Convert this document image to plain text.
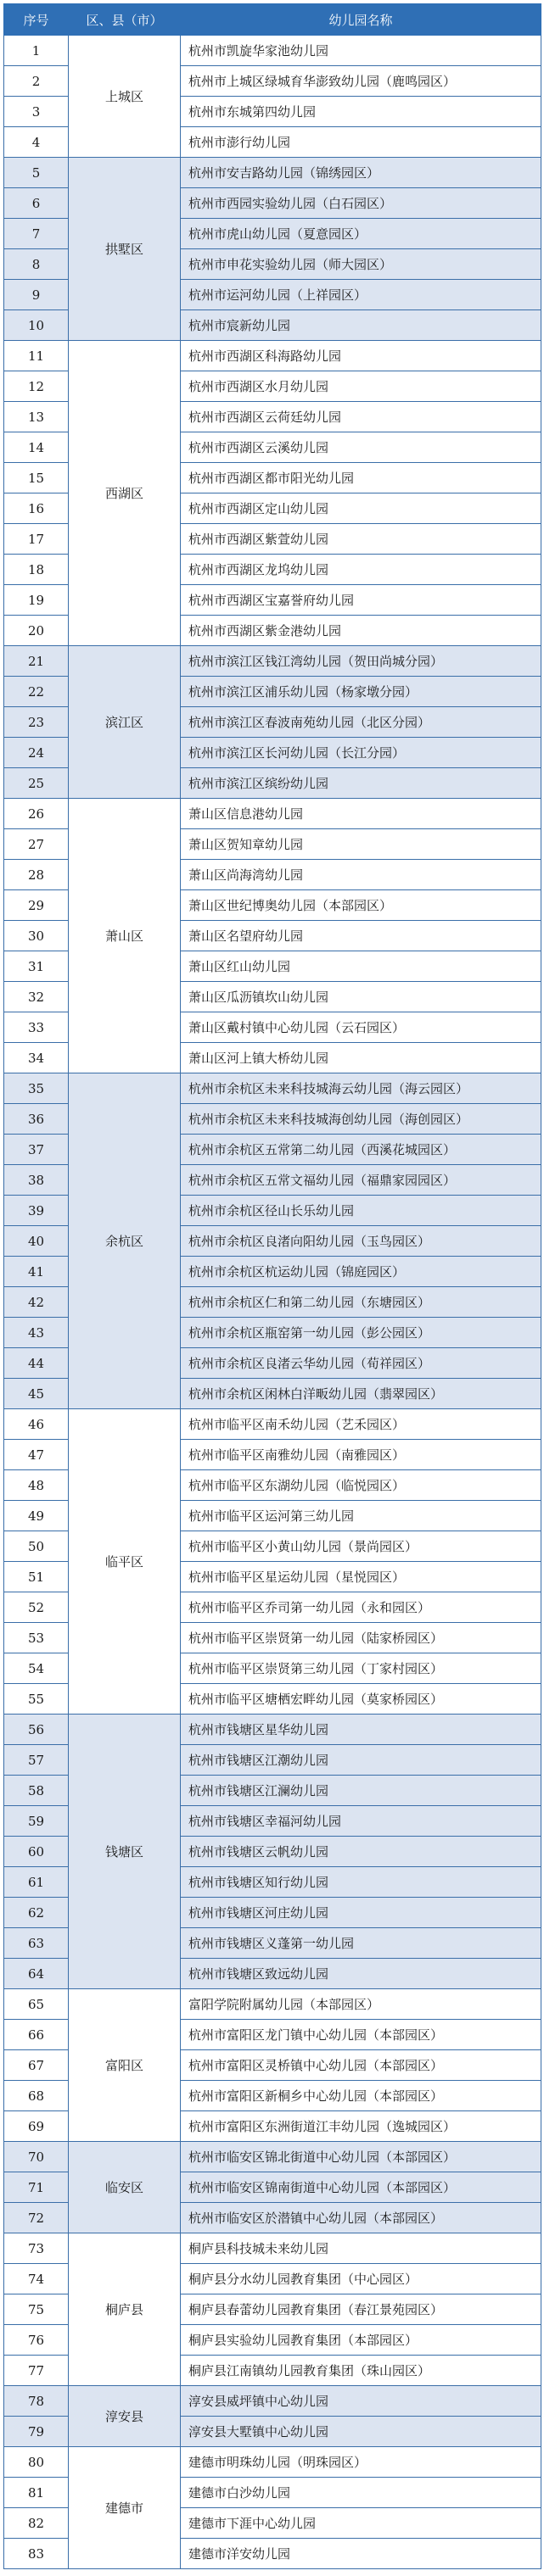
序号	区、县（市）	幼儿园名称
1	上城区	杭州市凯旋华家池幼儿园
2		杭州市上城区绿城育华澎致幼儿园（鹿鸣园区）
3		杭州市东城第四幼儿园
4		杭州市澎行幼儿园
5	拱墅区	杭州市安吉路幼儿园（锦绣园区）
6		杭州市西园实验幼儿园（白石园区）
7		杭州市虎山幼儿园（夏意园区）
8		杭州市申花实验幼儿园（师大园区）
9		杭州市运河幼儿园（上祥园区）
10		杭州市宸新幼儿园
11	西湖区	杭州市西湖区科海路幼儿园
12		杭州市西湖区水月幼儿园
13		杭州市西湖区云荷廷幼儿园
14		杭州市西湖区云溪幼儿园
15		杭州市西湖区都市阳光幼儿园
16		杭州市西湖区定山幼儿园
17		杭州市西湖区紫萱幼儿园
18		杭州市西湖区龙坞幼儿园
19		杭州市西湖区宝嘉誉府幼儿园
20		杭州市西湖区紫金港幼儿园
21	滨江区	杭州市滨江区钱江湾幼儿园（贺田尚城分园）
22		杭州市滨江区浦乐幼儿园（杨家墩分园）
23		杭州市滨江区春波南苑幼儿园（北区分园）
24		杭州市滨江区长河幼儿园（长江分园）
25		杭州市滨江区缤纷幼儿园
26	萧山区	萧山区信息港幼儿园
27		萧山区贺知章幼儿园
28		萧山区尚海湾幼儿园
29		萧山区世纪博奥幼儿园（本部园区）
30		萧山区名望府幼儿园
31		萧山区红山幼儿园
32		萧山区瓜沥镇坎山幼儿园
33		萧山区戴村镇中心幼儿园（云石园区）
34		萧山区河上镇大桥幼儿园
35	余杭区	杭州市余杭区未来科技城海云幼儿园（海云园区）
36		杭州市余杭区未来科技城海创幼儿园（海创园区）
37		杭州市余杭区五常第二幼儿园（西溪花城园区）
38		杭州市余杭区五常文福幼儿园（福鼎家园园区）
39		杭州市余杭区径山长乐幼儿园
40		杭州市余杭区良渚向阳幼儿园（玉鸟园区）
41		杭州市余杭区杭运幼儿园（锦庭园区）
42		杭州市余杭区仁和第二幼儿园（东塘园区）
43		杭州市余杭区瓶窑第一幼儿园（彭公园区）
44		杭州市余杭区良渚云华幼儿园（荀祥园区）
45		杭州市余杭区闲林白洋畈幼儿园（翡翠园区）
46	临平区	杭州市临平区南禾幼儿园（艺禾园区）
47		杭州市临平区南雅幼儿园（南雅园区）
48		杭州市临平区东湖幼儿园（临悦园区）
49		杭州市临平区运河第三幼儿园
50		杭州市临平区小黄山幼儿园（景尚园区）
51		杭州市临平区星运幼儿园（星悦园区）
52		杭州市临平区乔司第一幼儿园（永和园区）
53		杭州市临平区崇贤第一幼儿园（陆家桥园区）
54		杭州市临平区崇贤第三幼儿园（丁家村园区）
55		杭州市临平区塘栖宏畔幼儿园（莫家桥园区）
56	钱塘区	杭州市钱塘区星华幼儿园
57		杭州市钱塘区江潮幼儿园
58		杭州市钱塘区江澜幼儿园
59		杭州市钱塘区幸福河幼儿园
60		杭州市钱塘区云帆幼儿园
61		杭州市钱塘区知行幼儿园
62		杭州市钱塘区河庄幼儿园
63		杭州市钱塘区义蓬第一幼儿园
64		杭州市钱塘区致远幼儿园
65	富阳区	富阳学院附属幼儿园（本部园区）
66		杭州市富阳区龙门镇中心幼儿园（本部园区）
67		杭州市富阳区灵桥镇中心幼儿园（本部园区）
68		杭州市富阳区新桐乡中心幼儿园（本部园区）
69		杭州市富阳区东洲街道江丰幼儿园（逸城园区）
70	临安区	杭州市临安区锦北街道中心幼儿园（本部园区）
71		杭州市临安区锦南街道中心幼儿园（本部园区）
72		杭州市临安区於潜镇中心幼儿园（本部园区）
73	桐庐县	桐庐县科技城未来幼儿园
74		桐庐县分水幼儿园教育集团（中心园区）
75		桐庐县春蕾幼儿园教育集团（春江景苑园区）
76		桐庐县实验幼儿园教育集团（本部园区）
77		桐庐县江南镇幼儿园教育集团（珠山园区）
78	淳安县	淳安县威坪镇中心幼儿园
79		淳安县大墅镇中心幼儿园
80	建德市	建德市明珠幼儿园（明珠园区）
81		建德市白沙幼儿园
82		建德市下涯中心幼儿园
83		建德市洋安幼儿园
